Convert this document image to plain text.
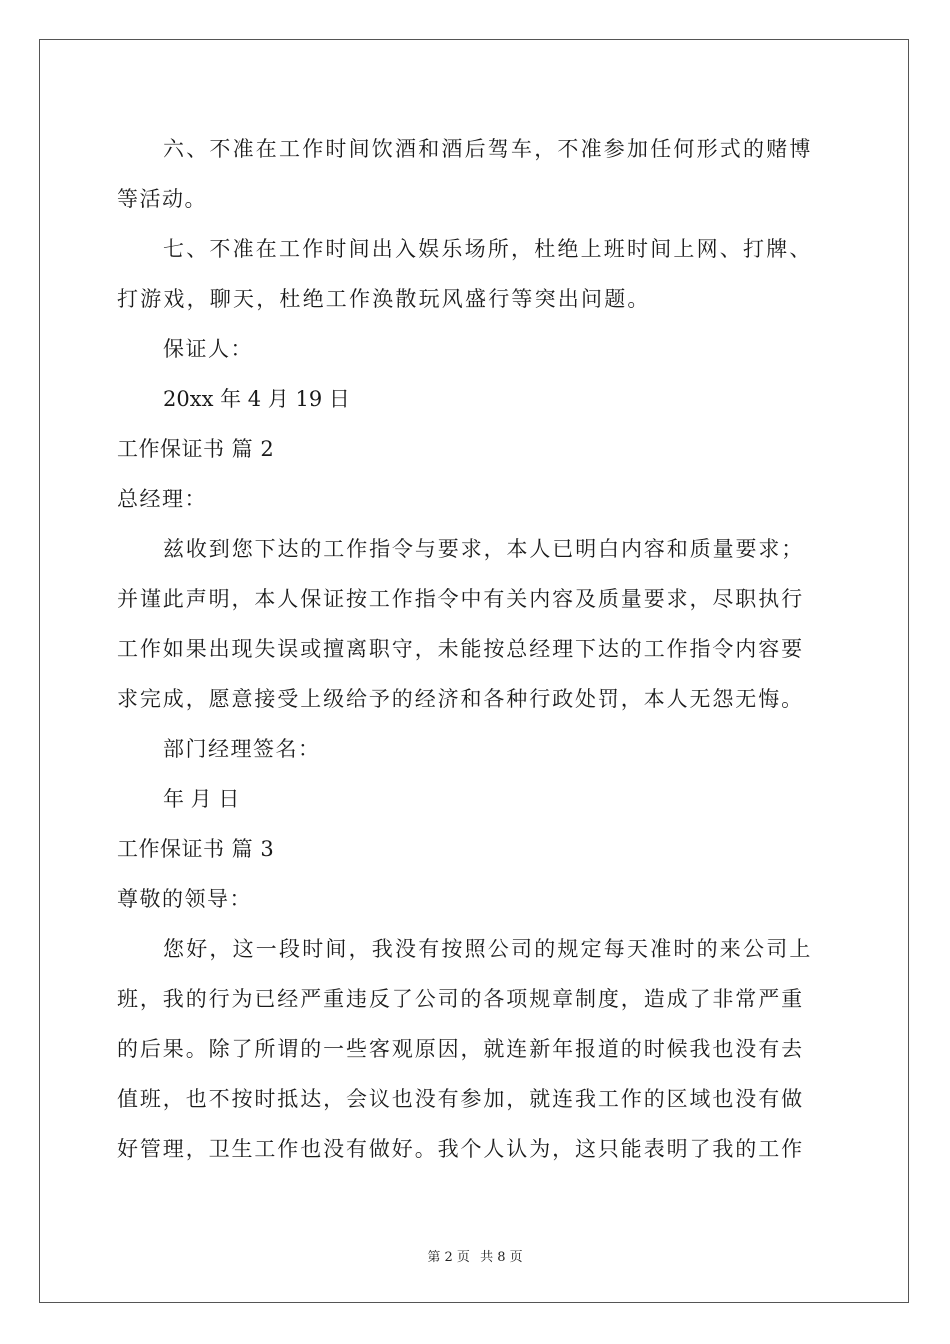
六、不准在工作时间饮酒和酒后驾车，不准参加任何形式的赌博
等活动。
七、不准在工作时间出入娱乐场所，杜绝上班时间上网、打牌、
打游戏，聊天，杜绝工作涣散玩风盛行等突出问题。
保证人：
20xx 年 4 月 19 日
工作保证书 篇 2
总经理：
兹收到您下达的工作指令与要求，本人已明白内容和质量要求；
并谨此声明，本人保证按工作指令中有关内容及质量要求，尽职执行
工作如果出现失误或擅离职守，未能按总经理下达的工作指令内容要
求完成，愿意接受上级给予的经济和各种行政处罚，本人无怨无悔。
部门经理签名：
年 月 日
工作保证书 篇 3
尊敬的领导：
您好，这一段时间，我没有按照公司的规定每天准时的来公司上
班，我的行为已经严重违反了公司的各项规章制度，造成了非常严重
的后果。除了所谓的一些客观原因，就连新年报道的时候我也没有去
值班，也不按时抵达，会议也没有参加，就连我工作的区域也没有做
好管理，卫生工作也没有做好。我个人认为，这只能表明了我的工作
第 2 页 共 8 页
